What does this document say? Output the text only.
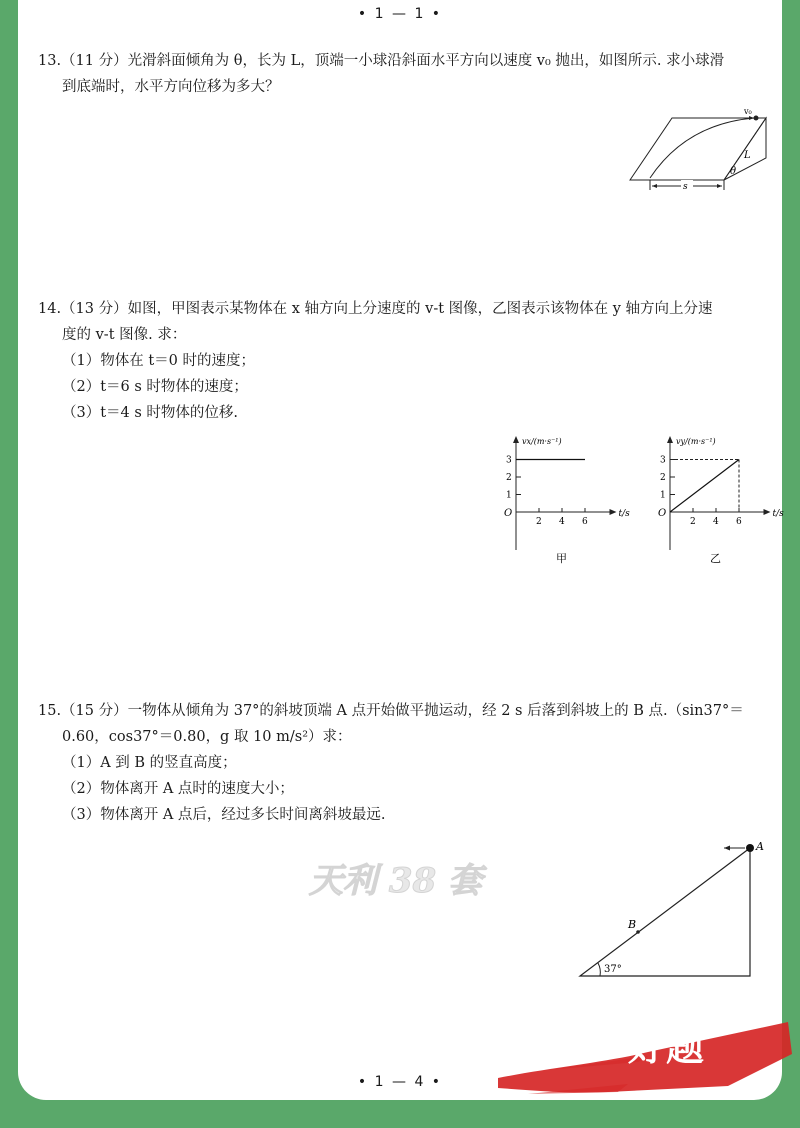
• 1 — 1 •

13.（11 分）光滑斜面倾角为 θ，长为 L，顶端一小球沿斜面水平方向以速度 v₀ 抛出，如图所示. 求小球滑

到底端时，水平方向位移为多大？

v₀
L
θ
s

14.（13 分）如图，甲图表示某物体在 x 轴方向上分速度的 v‑t 图像，乙图表示该物体在 y 轴方向上分速

度的 v‑t 图像. 求：

（1）物体在 t＝0 时的速度；

（2）t＝6 s 时物体的速度；

（3）t＝4 s 时物体的位移.

vx/(m·s⁻¹)
t/s
O
2 4 6
1
2
3
甲
vy/(m·s⁻¹)
t/s
O
2 4 6
1
2
3
乙

15.（15 分）一物体从倾角为 37°的斜坡顶端 A 点开始做平抛运动，经 2 s 后落到斜坡上的 B 点.（sin37°＝

0.60，cos37°＝0.80，g 取 10 m/s²）求：

（1）A 到 B 的竖直高度；

（2）物体离开 A 点时的速度大小；

（3）物体离开 A 点后，经过多长时间离斜坡最远.

A
B
37°
天利 38 套
好题
• 1 — 4 •
